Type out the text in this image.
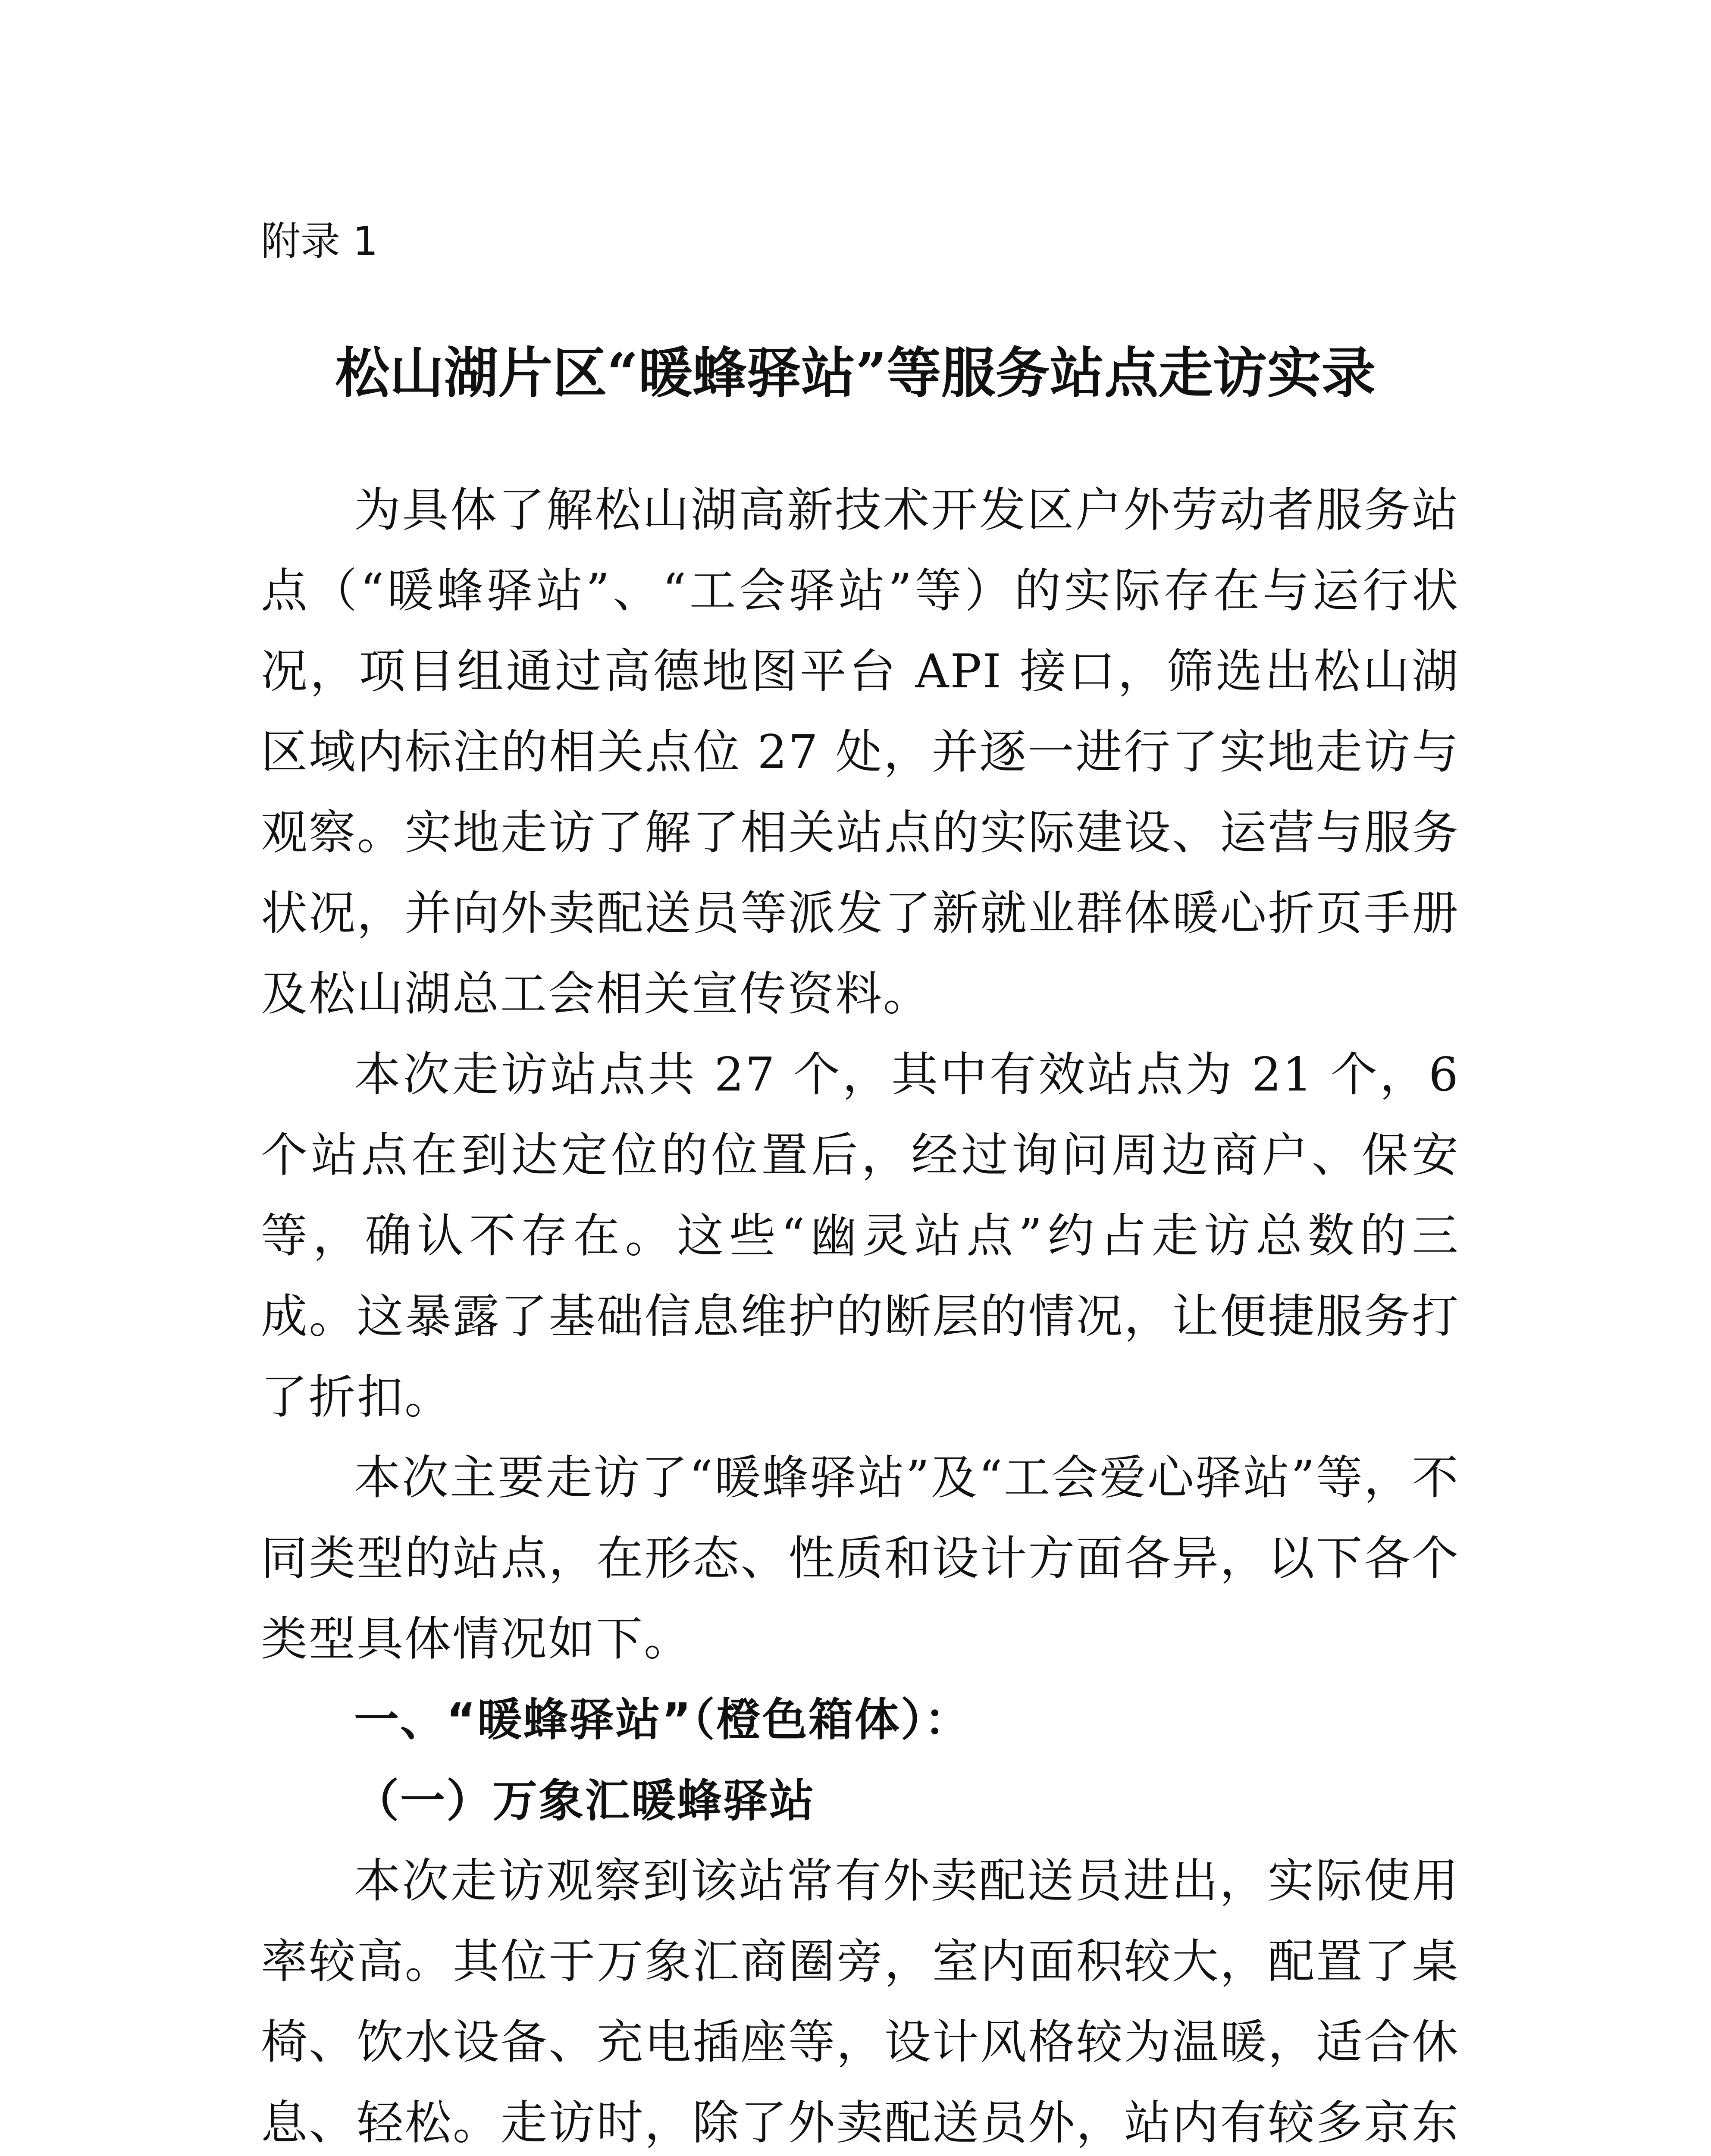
附录 1
松山湖片区“暖蜂驿站”等服务站点走访实录

为具体了解松山湖高新技术开发区户外劳动者服务站点（“暖蜂驿站”、“工会驿站”等）的实际存在与运行状况，项目组通过高德地图平台 API 接口，筛选出松山湖区域内标注的相关点位 27 处，并逐一进行了实地走访与观察。实地走访了解了相关站点的实际建设、运营与服务状况，并向外卖配送员等派发了新就业群体暖心折页手册及松山湖总工会相关宣传资料。

本次走访站点共 27 个，其中有效站点为 21 个，6 个站点在到达定位的位置后，经过询问周边商户、保安等，确认不存在。这些“幽灵站点”约占走访总数的三成。这暴露了基础信息维护的断层的情况，让便捷服务打了折扣。

本次主要走访了“暖蜂驿站”及“工会爱心驿站”等，不同类型的站点，在形态、性质和设计方面各异，以下各个类型具体情况如下。

一、“暖蜂驿站”（橙色箱体）：

（一）万象汇暖蜂驿站

本次走访观察到该站常有外卖配送员进出，实际使用率较高。其位于万象汇商圈旁，室内面积较大，配置了桌椅、饮水设备、充电插座等，设计风格较为温暖，适合休息、轻松。走访时，除了外卖配送员外，站内有较多京东
